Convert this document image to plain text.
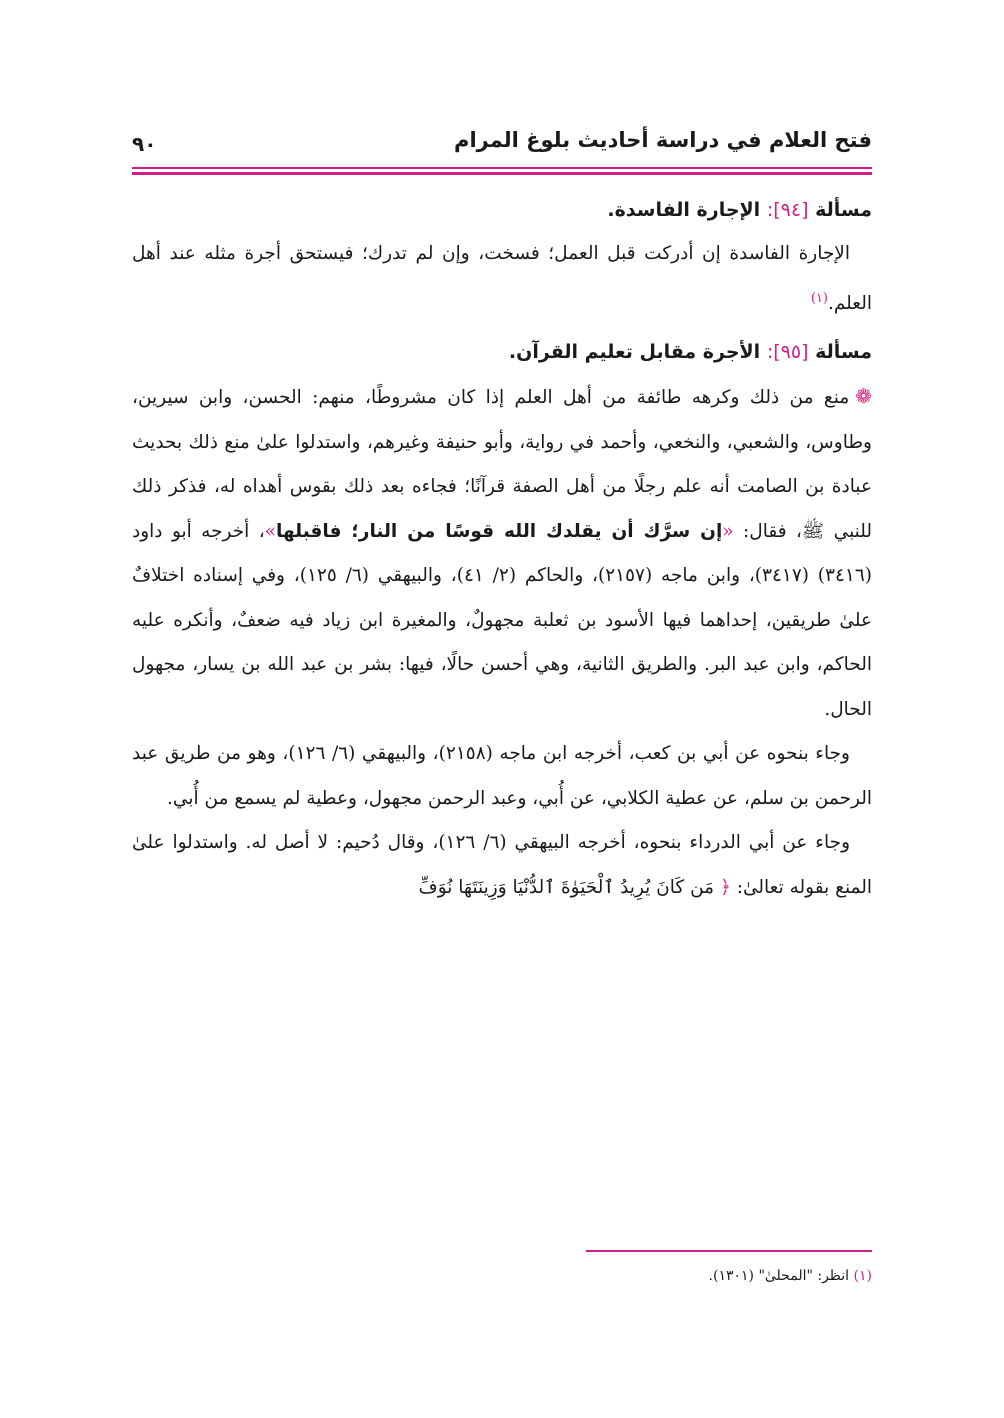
فتح العلام في دراسة أحاديث بلوغ المرام
٩٠

مسألة [٩٤]: الإجارة الفاسدة.

الإجارة الفاسدة إن أدركت قبل العمل؛ فسخت، وإن لم تدرك؛ فيستحق أجرة مثله عند أهل العلم.$^{(١)}$

مسألة [٩٥]: الأجرة مقابل تعليم القرآن.

❁منع من ذلك وكرهه طائفة من أهل العلم إذا كان مشروطًا، منهم: الحسن، وابن سيرين، وطاوس، والشعبي، والنخعي، وأحمد في رواية، وأبو حنيفة وغيرهم، واستدلوا علىٰ منع ذلك بحديث عبادة بن الصامت أنه علم رجلًا من أهل الصفة قرآنًا؛ فجاءه بعد ذلك بقوس أهداه له، فذكر ذلك للنبي ﷺ، فقال: «إن سرَّك أن يقلدك الله قوسًا من النار؛ فاقبلها»، أخرجه أبو داود (٣٤١٦) (٣٤١٧)، وابن ماجه (٢١٥٧)، والحاكم (٢/ ٤١)، والبيهقي (٦/ ١٢٥)، وفي إسناده اختلافٌ علىٰ طريقين، إحداهما فيها الأسود بن ثعلبة مجهولٌ، والمغيرة ابن زياد فيه ضعفٌ، وأنكره عليه الحاكم، وابن عبد البر. والطريق الثانية، وهي أحسن حالًا، فيها: بشر بن عبد الله بن يسار، مجهول الحال.

وجاء بنحوه عن أبي بن كعب، أخرجه ابن ماجه (٢١٥٨)، والبيهقي (٦/ ١٢٦)، وهو من طريق عبد الرحمن بن سلم، عن عطية الكلابي، عن أُبي، وعبد الرحمن مجهول، وعطية لم يسمع من أُبي.

وجاء عن أبي الدرداء بنحوه، أخرجه البيهقي (٦/ ١٢٦)، وقال دُحيم: لا أصل له. واستدلوا علىٰ المنع بقوله تعالىٰ: ﴿ مَن كَانَ يُرِيدُ ٱلْحَيَوٰةَ ٱلدُّنْيَا وَزِينَتَهَا نُوَفِّ

(١) انظر: "المحلىٰ" (١٣٠١).
